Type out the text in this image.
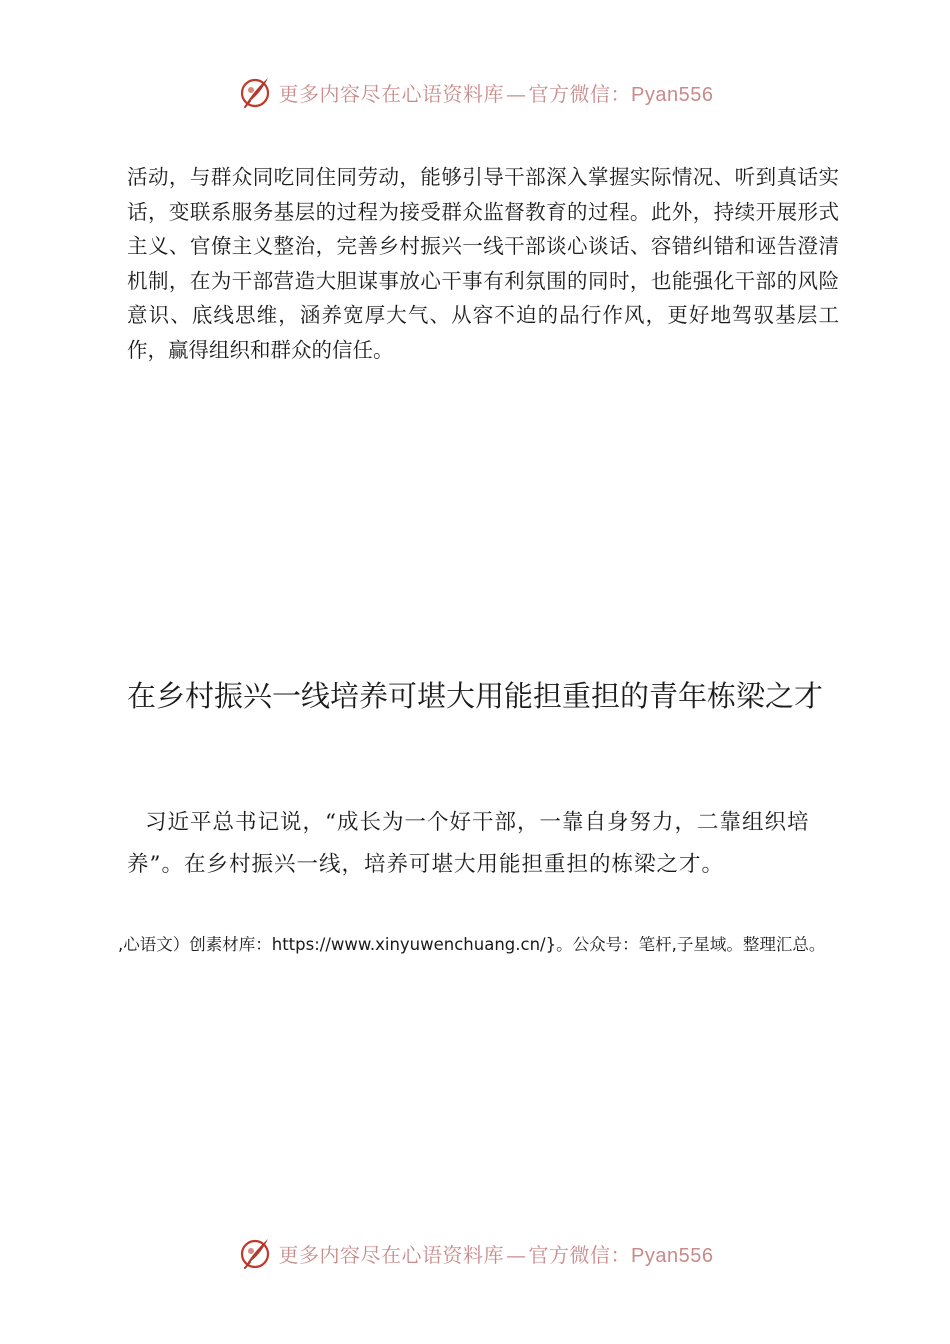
更多内容尽在心语资料库 — 官方微信：Pyan556

活动，与群众同吃同住同劳动，能够引导干部深入掌握实际情况、听到真话实话，变联系服务基层的过程为接受群众监督教育的过程。此外，持续开展形式主义、官僚主义整治，完善乡村振兴一线干部谈心谈话、容错纠错和诬告澄清机制，在为干部营造大胆谋事放心干事有利氛围的同时，也能强化干部的风险意识、底线思维，涵养宽厚大气、从容不迫的品行作风，更好地驾驭基层工作，赢得组织和群众的信任。

在乡村振兴一线培养可堪大用能担重担的青年栋梁之才

习近平总书记说，“成长为一个好干部，一靠自身努力，二靠组织培养”。在乡村振兴一线，培养可堪大用能担重担的栋梁之才。

,心语文）创素材库：https://www.xinyuwenchuang.cn/}。公众号：笔杆,子星域。整理汇总。

更多内容尽在心语资料库 — 官方微信：Pyan556
